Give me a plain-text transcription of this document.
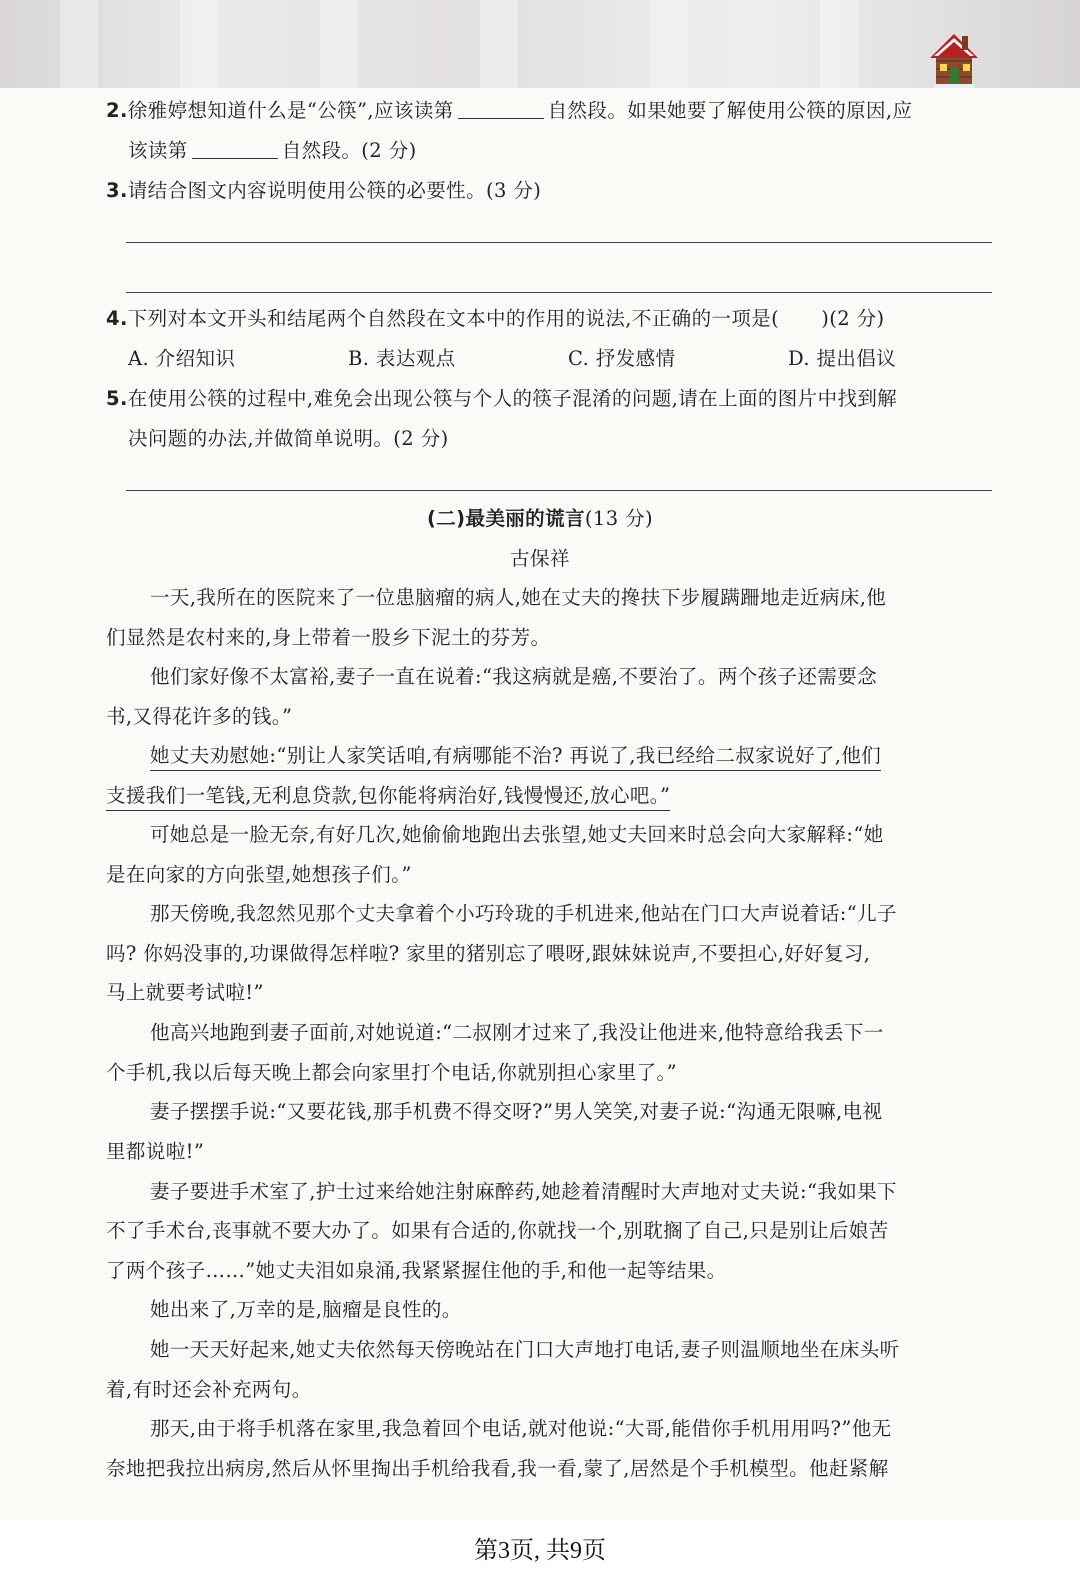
2.徐雅婷想知道什么是“公筷”,应该读第	自然段。如果她要了解使用公筷的原因,应
该读第	自然段。(2 分)
3.请结合图文内容说明使用公筷的必要性。(3 分)
4.下列对本文开头和结尾两个自然段在文本中的作用的说法,不正确的一项是( )(2 分)
A. 介绍知识	B. 表达观点	C. 抒发感情	D. 提出倡议
5.在使用公筷的过程中,难免会出现公筷与个人的筷子混淆的问题,请在上面的图片中找到解
决问题的办法,并做简单说明。(2 分)
(二)最美丽的谎言(13 分)
古保祥
一天,我所在的医院来了一位患脑瘤的病人,她在丈夫的搀扶下步履蹒跚地走近病床,他
们显然是农村来的,身上带着一股乡下泥土的芬芳。
他们家好像不太富裕,妻子一直在说着:“我这病就是癌,不要治了。两个孩子还需要念
书,又得花许多的钱。”
她丈夫劝慰她:“别让人家笑话咱,有病哪能不治? 再说了,我已经给二叔家说好了,他们
支援我们一笔钱,无利息贷款,包你能将病治好,钱慢慢还,放心吧。”
可她总是一脸无奈,有好几次,她偷偷地跑出去张望,她丈夫回来时总会向大家解释:“她
是在向家的方向张望,她想孩子们。”
那天傍晚,我忽然见那个丈夫拿着个小巧玲珑的手机进来,他站在门口大声说着话:“儿子
吗? 你妈没事的,功课做得怎样啦? 家里的猪别忘了喂呀,跟妹妹说声,不要担心,好好复习,
马上就要考试啦!”
他高兴地跑到妻子面前,对她说道:“二叔刚才过来了,我没让他进来,他特意给我丢下一
个手机,我以后每天晚上都会向家里打个电话,你就别担心家里了。”
妻子摆摆手说:“又要花钱,那手机费不得交呀?”男人笑笑,对妻子说:“沟通无限嘛,电视
里都说啦!”
妻子要进手术室了,护士过来给她注射麻醉药,她趁着清醒时大声地对丈夫说:“我如果下
不了手术台,丧事就不要大办了。如果有合适的,你就找一个,别耽搁了自己,只是别让后娘苦
了两个孩子……”她丈夫泪如泉涌,我紧紧握住他的手,和他一起等结果。
她出来了,万幸的是,脑瘤是良性的。
她一天天好起来,她丈夫依然每天傍晚站在门口大声地打电话,妻子则温顺地坐在床头听
着,有时还会补充两句。
那天,由于将手机落在家里,我急着回个电话,就对他说:“大哥,能借你手机用用吗?”他无
奈地把我拉出病房,然后从怀里掏出手机给我看,我一看,蒙了,居然是个手机模型。他赶紧解
第3页, 共9页
